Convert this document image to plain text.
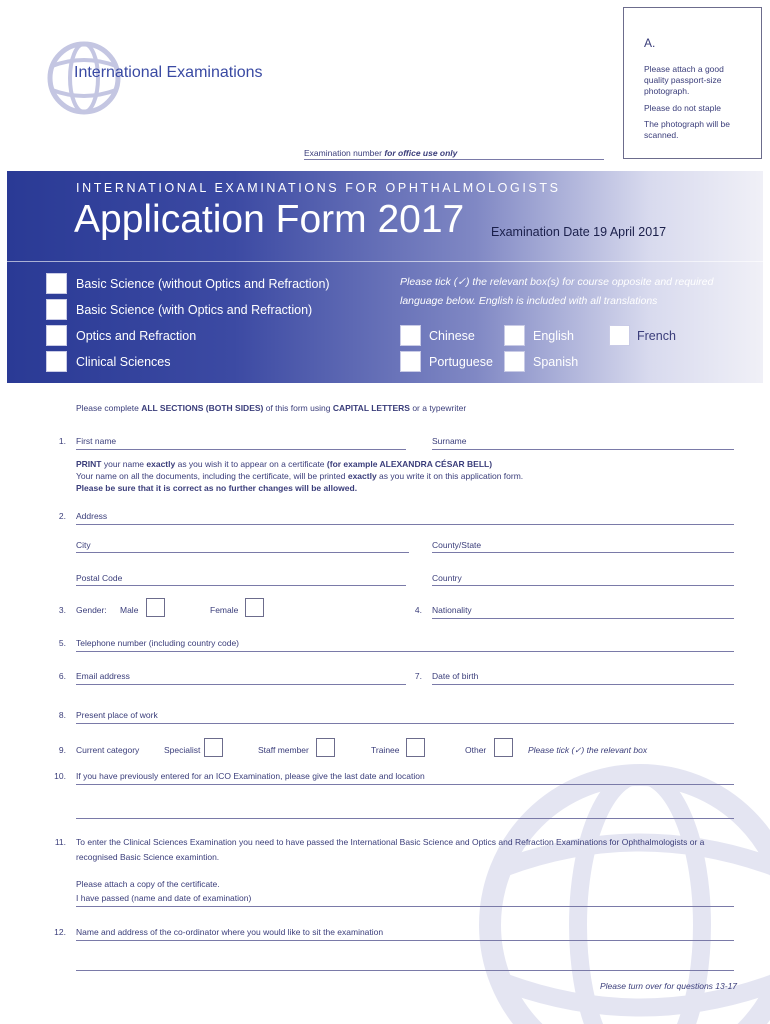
International Examinations
A.
Please attach a good quality passport-size photograph.
Please do not staple
The photograph will be scanned.
Examination number for office use only
INTERNATIONAL EXAMINATIONS FOR OPHTHALMOLOGISTS
Application Form 2017 Examination Date 19 April 2017
Basic Science (without Optics and Refraction)
Basic Science (with Optics and Refraction)
Optics and Refraction
Clinical Sciences
Please tick (✓) the relevant box(s) for course opposite and required
language below. English is included with all translations
Chinese	English	French
Portuguese	Spanish
Please complete ALL SECTIONS (BOTH SIDES) of this form using CAPITAL LETTERS or a typewriter
1. First name	Surname
PRINT your name exactly as you wish it to appear on a certificate (for example ALEXANDRA CÉSAR BELL)
Your name on all the documents, including the certificate, will be printed exactly as you write it on this application form.
Please be sure that it is correct as no further changes will be allowed.
2. Address
City	County/State
Postal Code	Country
3. Gender: Male	Female	4. Nationality
5. Telephone number (including country code)
6. Email address	7. Date of birth
8. Present place of work
9. Current category	Specialist	Staff member	Trainee	Other	Please tick (✓) the relevant box
10. If you have previously entered for an ICO Examination, please give the last date and location
11. To enter the Clinical Sciences Examination you need to have passed the International Basic Science and Optics and Refraction Examinations for Ophthalmologists or a
recognised Basic Science examintion.
Please attach a copy of the certificate.
I have passed (name and date of examination)
12. Name and address of the co-ordinator where you would like to sit the examination
Please turn over for questions 13-17
